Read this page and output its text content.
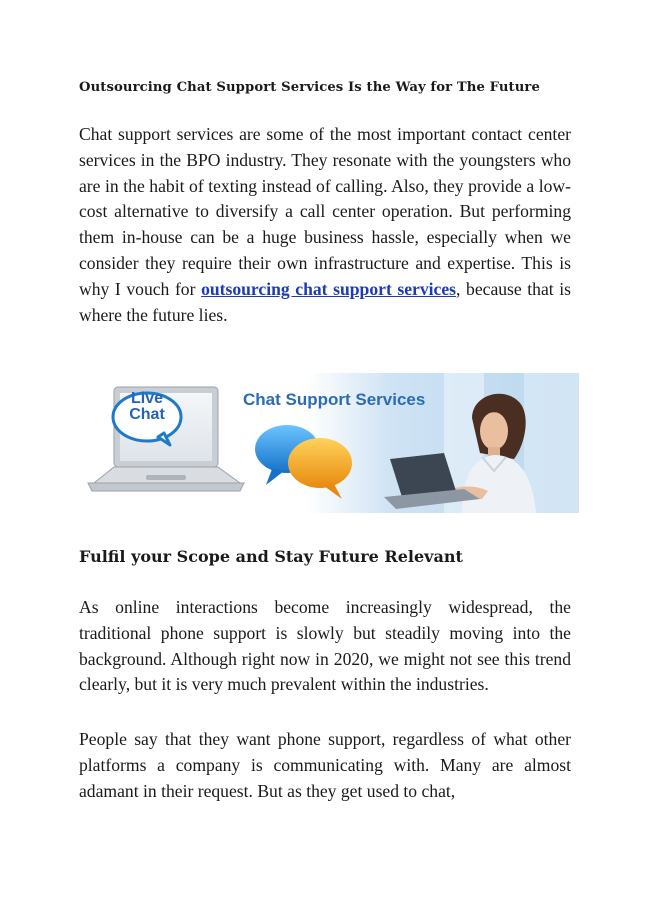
Outsourcing Chat Support Services Is the Way for The Future

Chat support services are some of the most important contact center services in the BPO industry. They resonate with the youngsters who are in the habit of texting instead of calling. Also, they provide a low-cost alternative to diversify a call center operation. But performing them in-house can be a huge business hassle, especially when we consider they require their own infrastructure and expertise. This is why I vouch for outsourcing chat support services, because that is where the future lies.

Live
Chat
Chat Support Services
Fulfil your Scope and Stay Future Relevant

As online interactions become increasingly widespread, the traditional phone support is slowly but steadily moving into the background. Although right now in 2020, we might not see this trend clearly, but it is very much prevalent within the industries.

People say that they want phone support, regardless of what other platforms a company is communicating with. Many are almost adamant in their request. But as they get used to chat,
